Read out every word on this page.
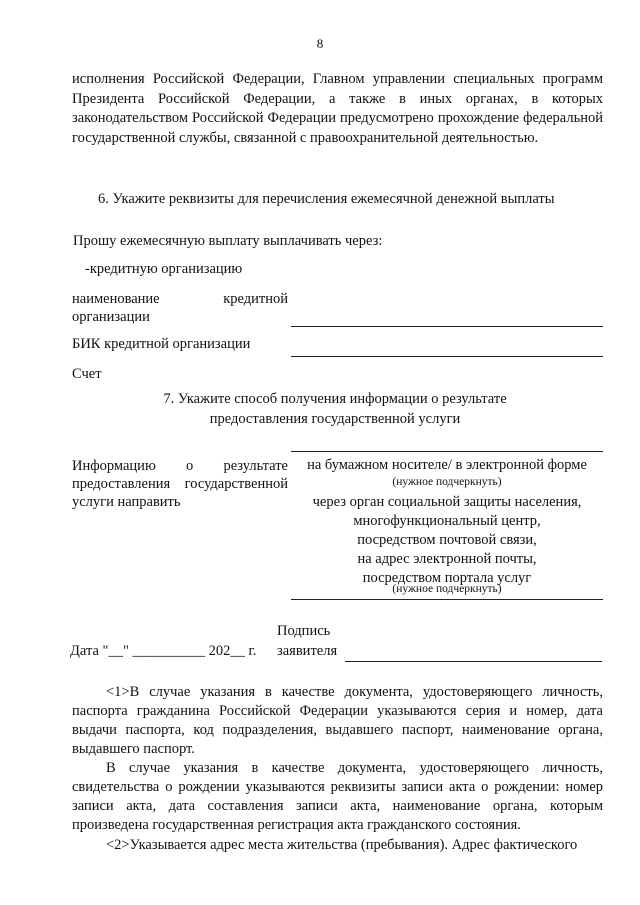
8

исполнения Российской Федерации, Главном управлении специальных программ Президента Российской Федерации, а также в иных органах, в которых законодательством Российской Федерации предусмотрено прохождение федеральной государственной службы, связанной с правоохранительной деятельностью.

6. Укажите реквизиты для перечисления ежемесячной денежной выплаты
Прошу ежемесячную выплату выплачивать через:
-кредитную организацию

наименование кредитной организации

БИК кредитной организации
Счет
7. Укажите способ получения информации о результате
предоставления государственной услуги

Информацию о результате предоставления государственной услуги направить

на бумажном носителе/ в электронной форме
(нужное подчеркнуть)
через орган социальной защиты населения,
многофункциональный центр,
посредством почтовой связи,
на адрес электронной почты,
посредством портала услуг
(нужное подчеркнуть)
Подпись
Дата "__" __________ 202__ г. заявителя

<1>В случае указания в качестве документа, удостоверяющего личность, паспорта гражданина Российской Федерации указываются серия и номер, дата выдачи паспорта, код подразделения, выдавшего паспорт, наименование органа, выдавшего паспорт.

В случае указания в качестве документа, удостоверяющего личность, свидетельства о рождении указываются реквизиты записи акта о рождении: номер записи акта, дата составления записи акта, наименование органа, которым произведена государственная регистрация акта гражданского состояния.

<2>Указывается адрес места жительства (пребывания). Адрес фактического
